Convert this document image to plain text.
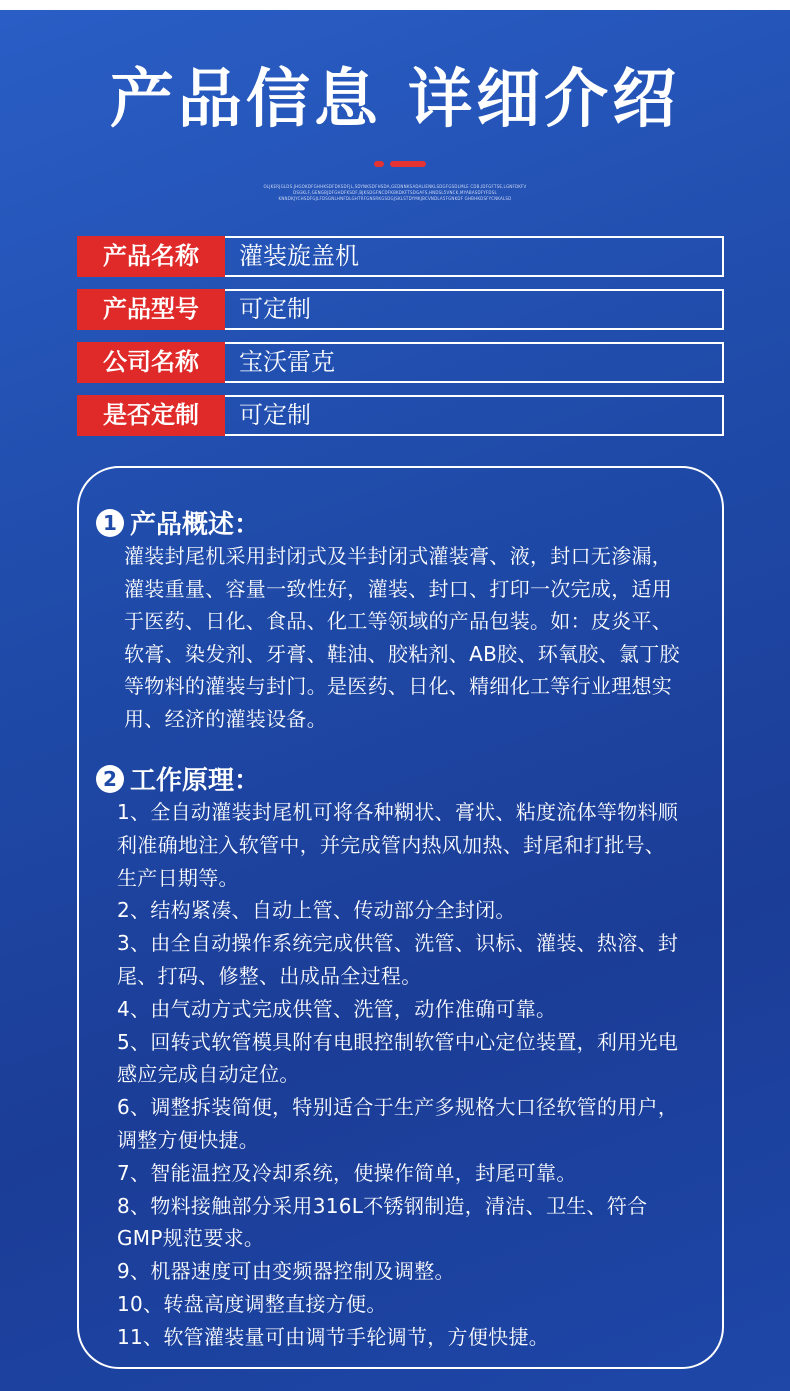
产品信息 详细介绍
OLJKERJGLDS.JHGOKDFGHHKSDFDKSDFJL,SDYNKSDFHSDA,GEDNNKSADALIENKLSDGFGSDLMLE CDB,IDFGFTSE,LGNFDKFV DSGKLF,GENGBJDFGHDFKSDF,BJKSDGFNCDFKBKDKFTSDGAFS,HNDSL5VNCK,MYABASDFYFDSL KNNDKJYCHSDFGJLFDSGNLHNFDLGHTRFGNSRKGSDGJSKLSTDYMKJBCVNDLA5FGNKDF GHBHKDSFYCNKALSD
产品名称	灌装旋盖机
产品型号	可定制
公司名称	宝沃雷克
是否定制	可定制
1 产品概述：
灌装封尾机采用封闭式及半封闭式灌装膏、液，封口无渗漏，
灌装重量、容量一致性好，灌装、封口、打印一次完成，适用
于医药、日化、食品、化工等领域的产品包装。如：皮炎平、
软膏、染发剂、牙膏、鞋油、胶粘剂、AB胶、环氧胶、氯丁胶
等物料的灌装与封门。是医药、日化、精细化工等行业理想实
用、经济的灌装设备。
2 工作原理：
1、全自动灌装封尾机可将各种糊状、膏状、粘度流体等物料顺
利准确地注入软管中，并完成管内热风加热、封尾和打批号、
生产日期等。
2、结构紧凑、自动上管、传动部分全封闭。
3、由全自动操作系统完成供管、洗管、识标、灌装、热溶、封
尾、打码、修整、出成品全过程。
4、由气动方式完成供管、洗管，动作准确可靠。
5、回转式软管模具附有电眼控制软管中心定位装置，利用光电
感应完成自动定位。
6、调整拆装简便，特别适合于生产多规格大口径软管的用户，
调整方便快捷。
7、智能温控及冷却系统，使操作简单，封尾可靠。
8、物料接触部分采用316L不锈钢制造，清洁、卫生、符合
GMP规范要求。
9、机器速度可由变频器控制及调整。
10、转盘高度调整直接方便。
11、软管灌装量可由调节手轮调节，方便快捷。
